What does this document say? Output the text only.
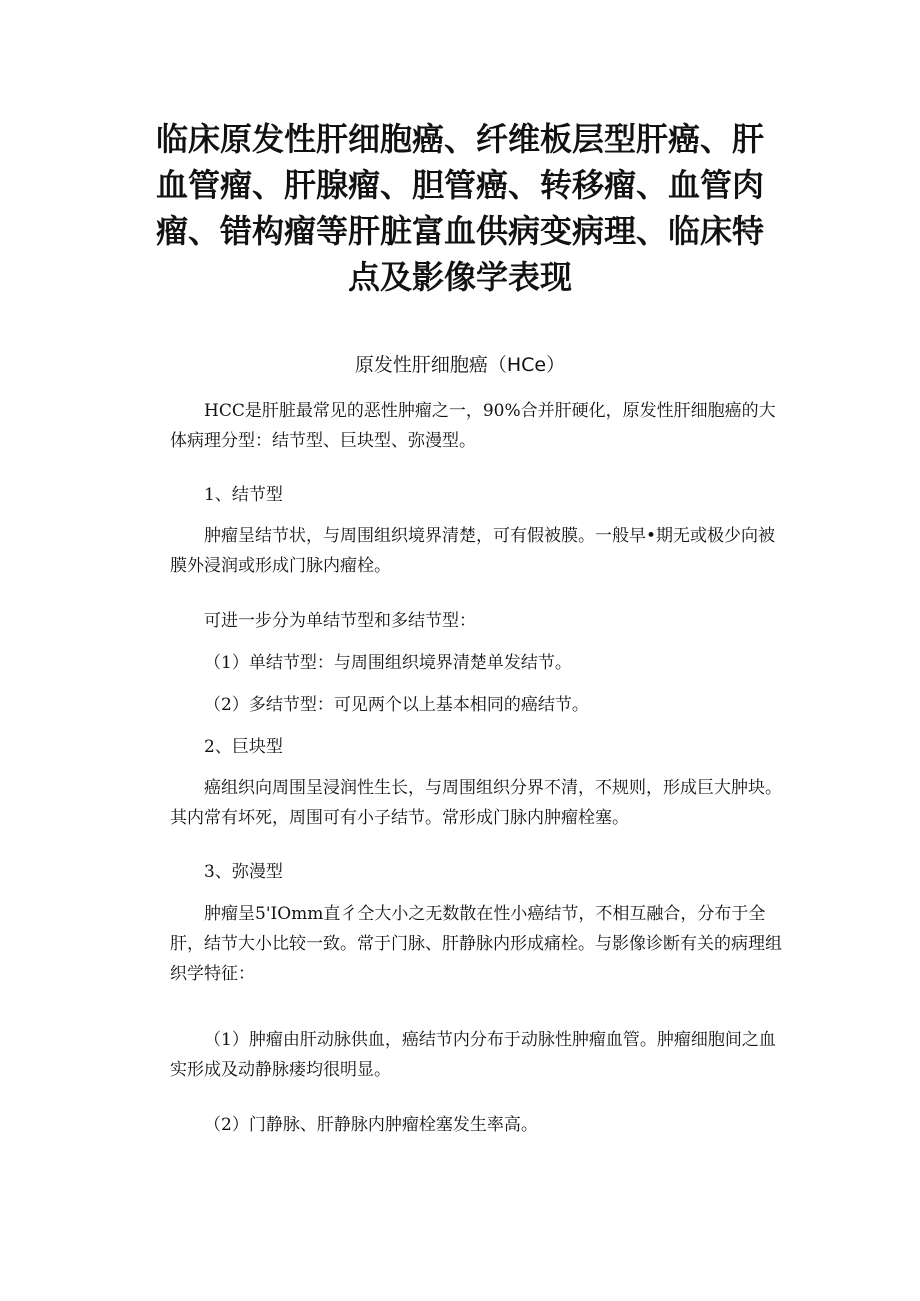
临床原发性肝细胞癌、纤维板层型肝癌、肝血管瘤、肝腺瘤、胆管癌、转移瘤、血管肉瘤、错构瘤等肝脏富血供病变病理、临床特点及影像学表现
原发性肝细胞癌（HCe）

HCC是肝脏最常见的恶性肿瘤之一，90%合并肝硬化，原发性肝细胞癌的大体病理分型：结节型、巨块型、弥漫型。

1、结节型

肿瘤呈结节状，与周围组织境界清楚，可有假被膜。一般早•期无或极少向被膜外浸润或形成门脉内瘤栓。

可进一步分为单结节型和多结节型：

（1）单结节型：与周围组织境界清楚单发结节。

（2）多结节型：可见两个以上基本相同的癌结节。

2、巨块型

癌组织向周围呈浸润性生长，与周围组织分界不清，不规则，形成巨大肿块。其内常有坏死，周围可有小子结节。常形成门脉内肿瘤栓塞。

3、弥漫型

肿瘤呈5'IOmm直彳仝大小之无数散在性小癌结节，不相互融合，分布于全肝，结节大小比较一致。常于门脉、肝静脉内形成痛栓。与影像诊断有关的病理组织学特征：

（1）肿瘤由肝动脉供血，癌结节内分布于动脉性肿瘤血管。肿瘤细胞间之血实形成及动静脉瘘均很明显。

（2）门静脉、肝静脉内肿瘤栓塞发生率高。
